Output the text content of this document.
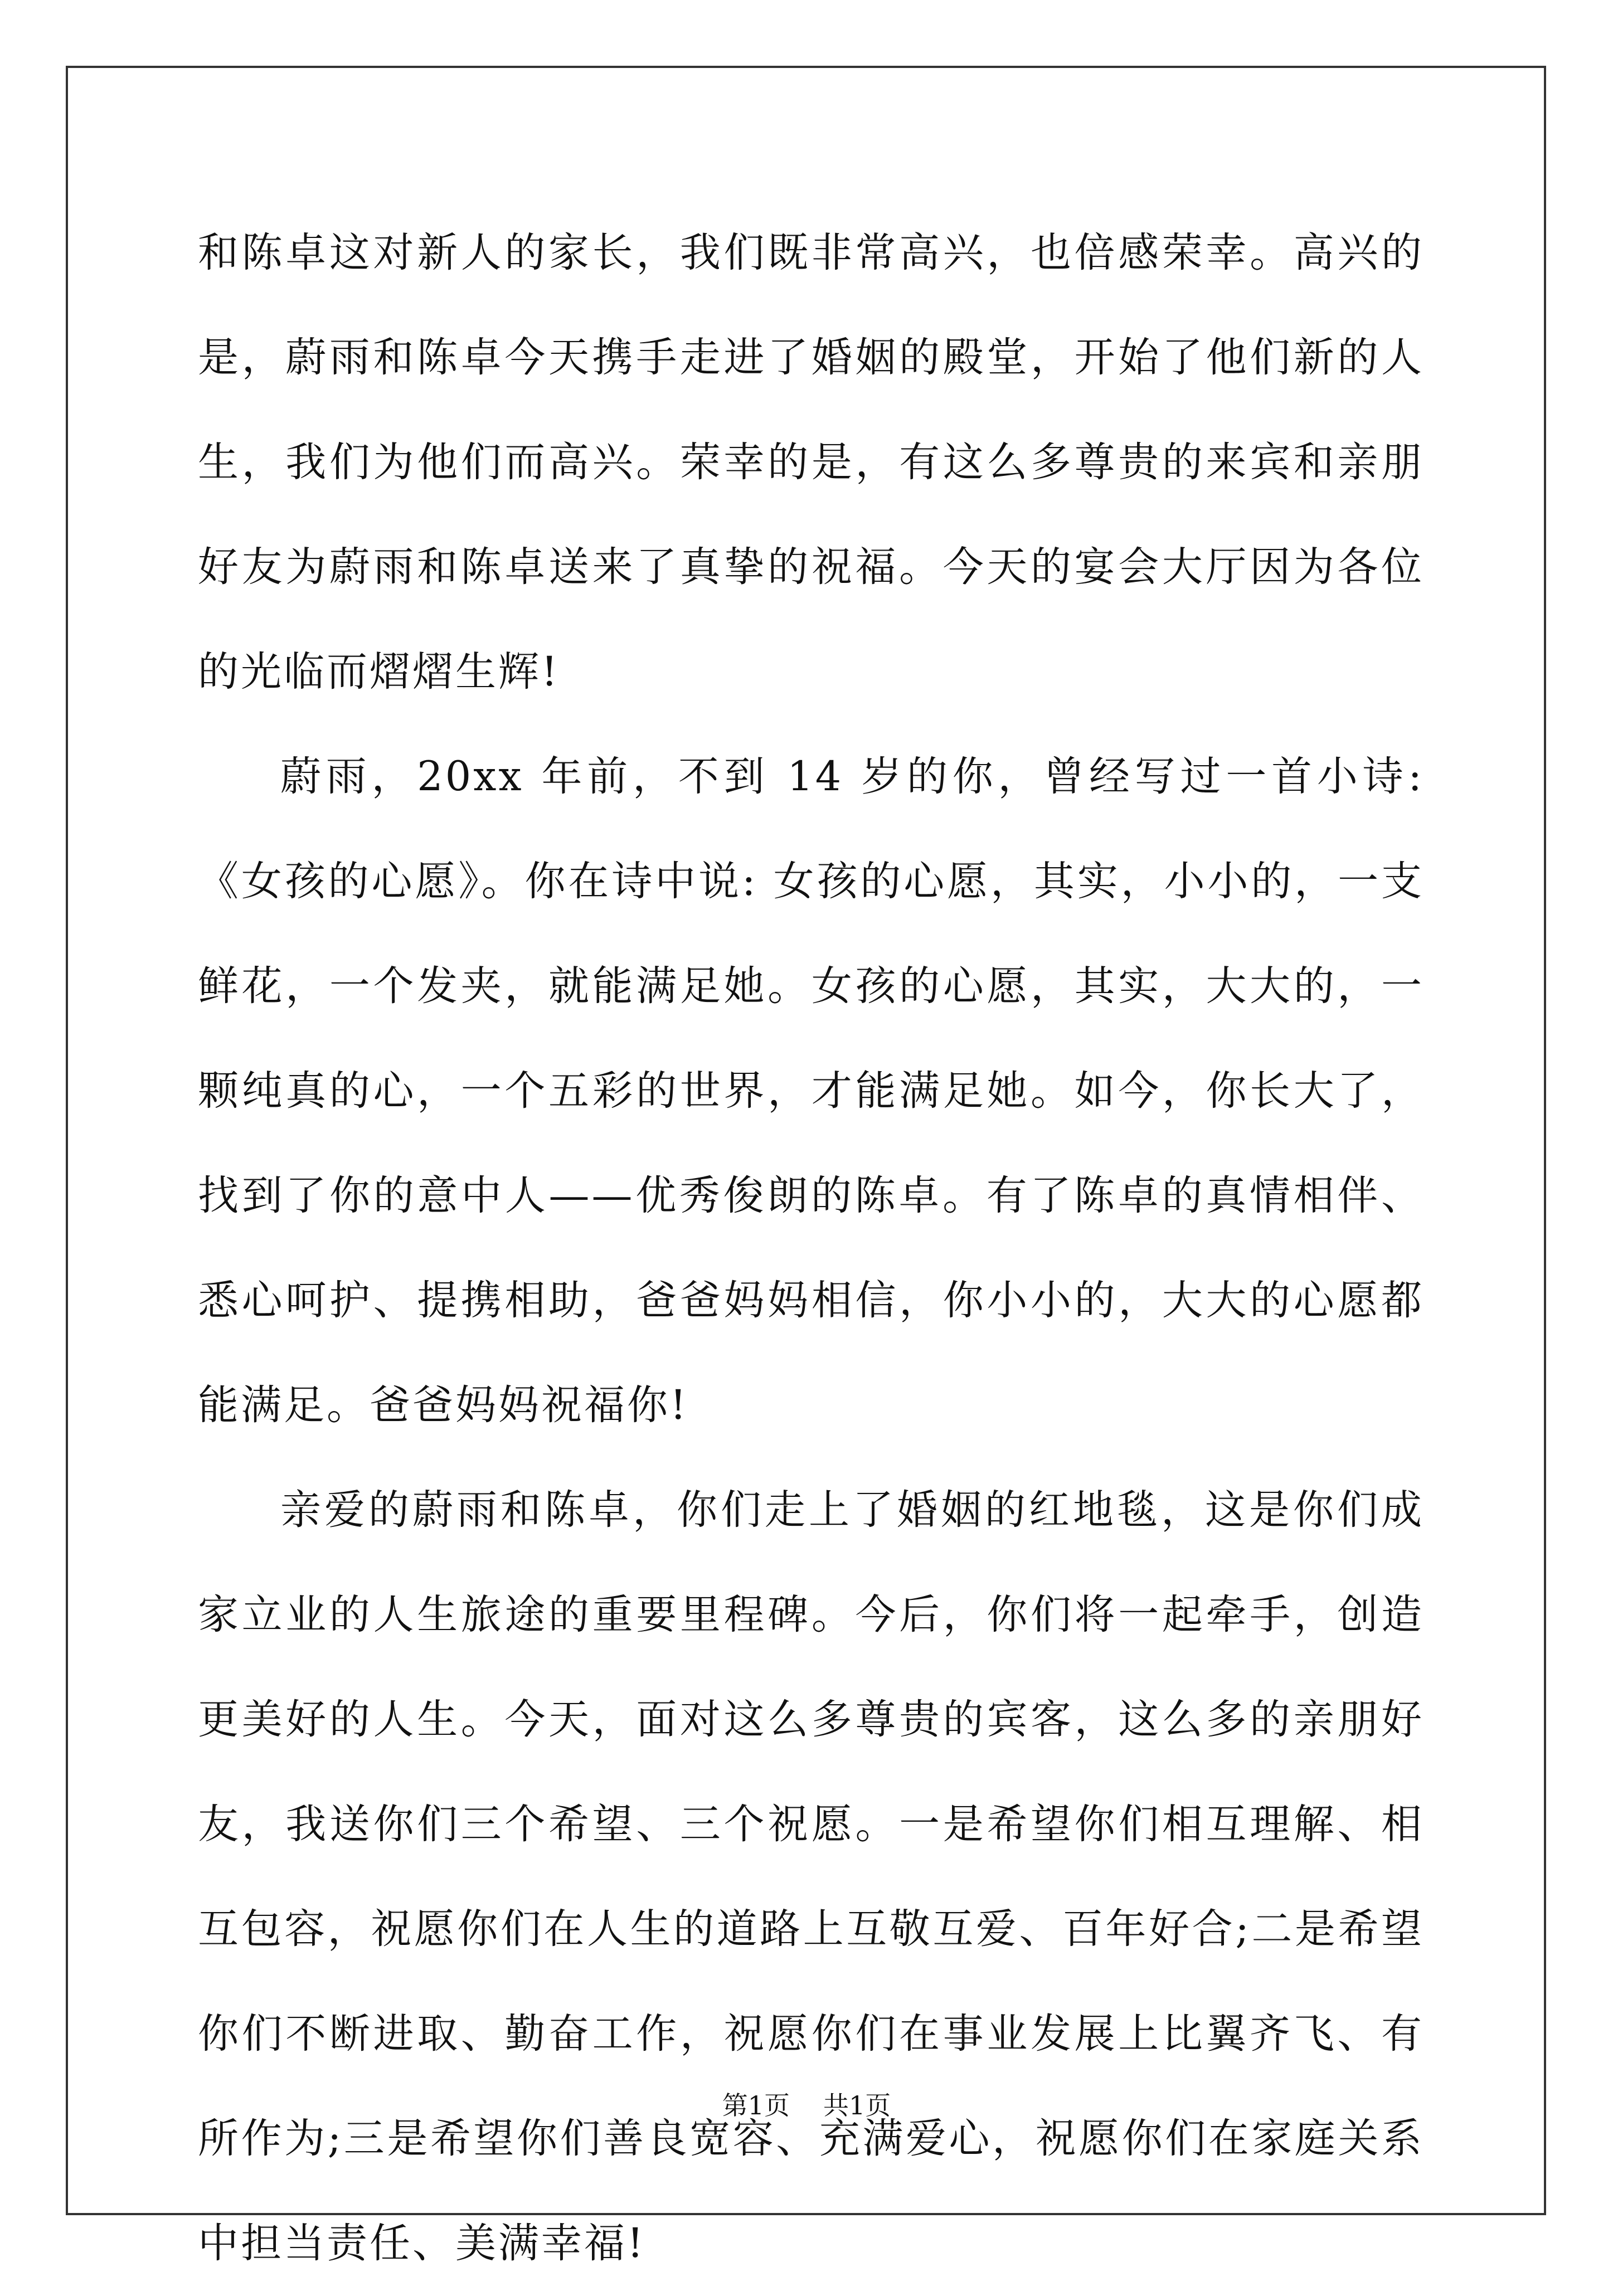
和陈卓这对新人的家长，我们既非常高兴，也倍感荣幸。高兴的是，蔚雨和陈卓今天携手走进了婚姻的殿堂，开始了他们新的人生，我们为他们而高兴。荣幸的是，有这么多尊贵的来宾和亲朋好友为蔚雨和陈卓送来了真挚的祝福。今天的宴会大厅因为各位的光临而熠熠生辉!

蔚雨，20xx 年前，不到 14 岁的你，曾经写过一首小诗:《女孩的心愿》。你在诗中说: 女孩的心愿，其实，小小的，一支鲜花，一个发夹，就能满足她。女孩的心愿，其实，大大的，一颗纯真的心，一个五彩的世界，才能满足她。如今，你长大了，找到了你的意中人——优秀俊朗的陈卓。有了陈卓的真情相伴、悉心呵护、提携相助，爸爸妈妈相信，你小小的，大大的心愿都能满足。爸爸妈妈祝福你!

亲爱的蔚雨和陈卓，你们走上了婚姻的红地毯，这是你们成家立业的人生旅途的重要里程碑。今后，你们将一起牵手，创造更美好的人生。今天，面对这么多尊贵的宾客，这么多的亲朋好友，我送你们三个希望、三个祝愿。一是希望你们相互理解、相互包容，祝愿你们在人生的道路上互敬互爱、百年好合;二是希望你们不断进取、勤奋工作，祝愿你们在事业发展上比翼齐飞、有所作为;三是希望你们善良宽容、充满爱心，祝愿你们在家庭关系中担当责任、美满幸福!

第1页 共1页
